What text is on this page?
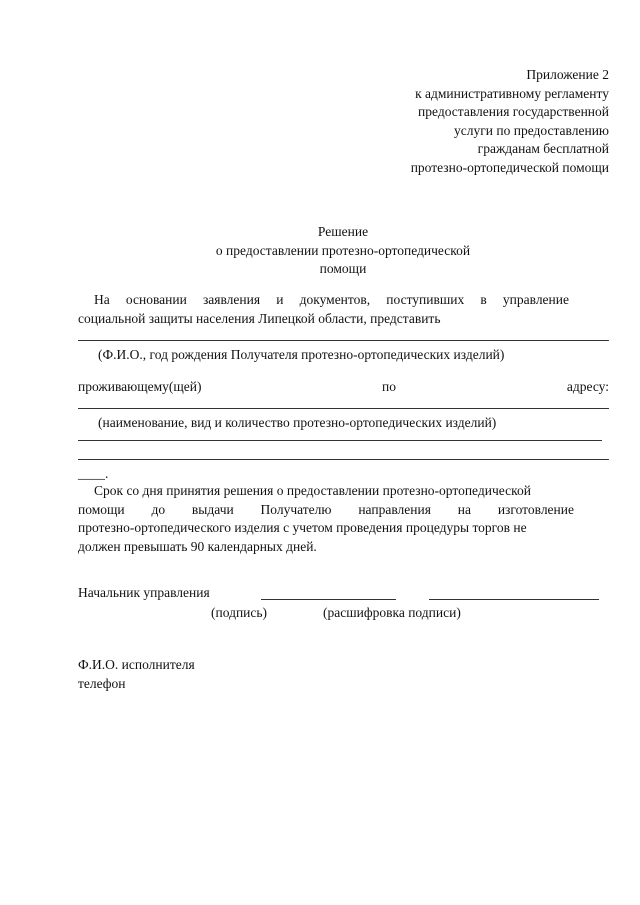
Приложение 2
к административному регламенту
предоставления государственной
услуги по предоставлению
гражданам бесплатной
протезно-ортопедической помощи
Решение
о предоставлении протезно-ортопедической
помощи
На основании заявления и документов, поступивших в управление
социальной защиты населения Липецкой области, представить
(Ф.И.О., год рождения Получателя протезно-ортопедических изделий)
проживающему(щей)	по	адресу:
(наименование, вид и количество протезно-ортопедических изделий)
____.
Срок со дня принятия решения о предоставлении протезно-ортопедической
помощи до выдачи Получателю направления на изготовление
протезно-ортопедического изделия с учетом проведения процедуры торгов не
должен превышать 90 календарных дней.
Начальник управления
(подпись)	(расшифровка подписи)
Ф.И.О. исполнителя
телефон
